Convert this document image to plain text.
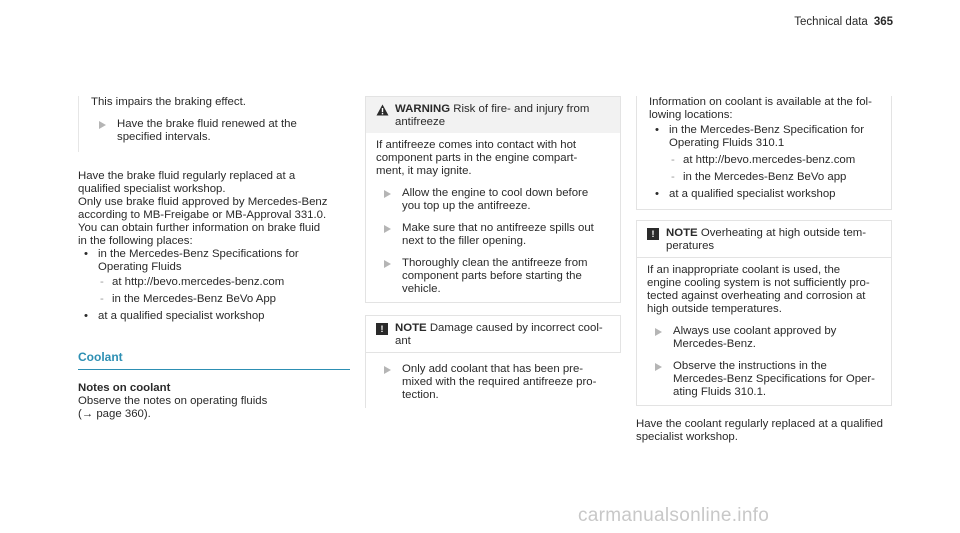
Technical data 365

This impairs the braking effect.

Have the brake fluid renewed at the

specified intervals.

Have the brake fluid regularly replaced at a

qualified specialist workshop.

Only use brake fluid approved by Mercedes-Benz

according to MB-Freigabe or MB-Approval 331.0.

You can obtain further information on brake fluid

in the following places:

• in the Mercedes-Benz Specifications for

Operating Fluids

- at http://bevo.mercedes-benz.com

- in the Mercedes-Benz BeVo App

• at a qualified specialist workshop

Coolant

Notes on coolant

Observe the notes on operating fluids

(→ page 360).

WARNING Risk of fire- and injury from

antifreeze

If antifreeze comes into contact with hot

component parts in the engine compart-

ment, it may ignite.

Allow the engine to cool down before

you top up the antifreeze.

Make sure that no antifreeze spills out

next to the filler opening.

Thoroughly clean the antifreeze from

component parts before starting the

vehicle.

!	NOTE Damage caused by incorrect cool-

ant

Only add coolant that has been pre-

mixed with the required antifreeze pro-

tection.

Information on coolant is available at the fol-

lowing locations:

• in the Mercedes-Benz Specification for

Operating Fluids 310.1

- at http://bevo.mercedes-benz.com

- in the Mercedes-Benz BeVo app

• at a qualified specialist workshop

!	NOTE Overheating at high outside tem-

peratures

If an inappropriate coolant is used, the

engine cooling system is not sufficiently pro-

tected against overheating and corrosion at

high outside temperatures.

Always use coolant approved by

Mercedes-Benz.

Observe the instructions in the

Mercedes-Benz Specifications for Oper-

ating Fluids 310.1.

Have the coolant regularly replaced at a qualified

specialist workshop.

carmanualsonline.info
